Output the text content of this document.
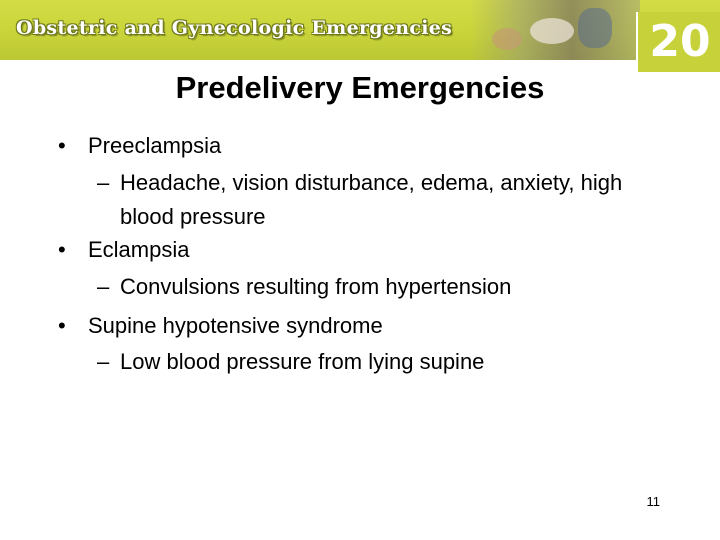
Obstetric and Gynecologic Emergencies	20
Predelivery Emergencies
• Preeclampsia
– Headache, vision disturbance, edema, anxiety, high blood pressure
• Eclampsia
– Convulsions resulting from hypertension
• Supine hypotensive syndrome
– Low blood pressure from lying supine
11
